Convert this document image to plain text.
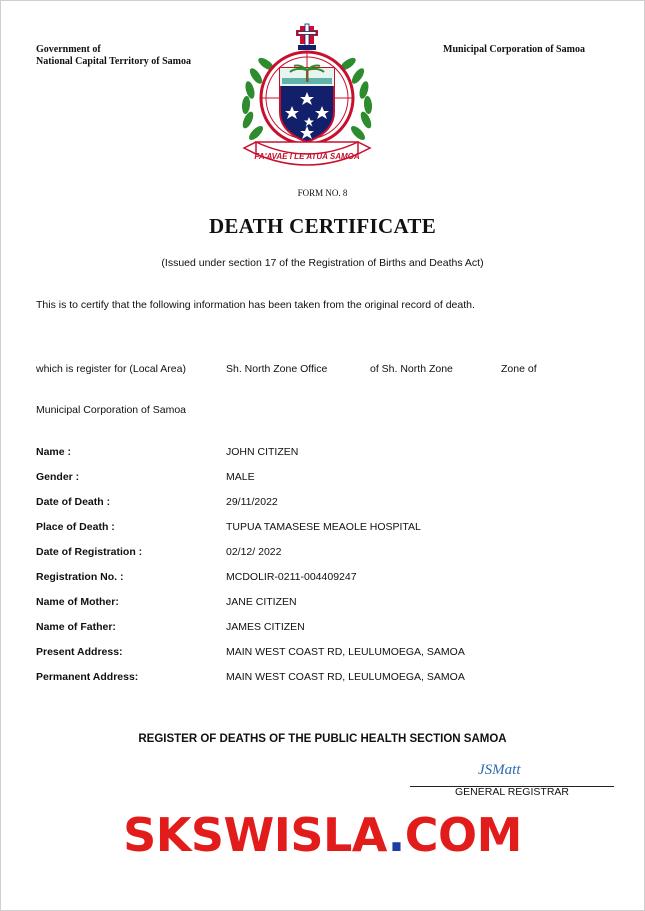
Government of
National Capital Territory of Samoa
Municipal Corporation of Samoa
FA'AVAE I LE ATUA SAMOA
FORM NO. 8
DEATH CERTIFICATE
(Issued under section 17 of the Registration of Births and Deaths Act)
This is to certify that the following information has been taken from the original record of death.
which is register for (Local Area)	Sh. North Zone Office	of Sh. North Zone	Zone of
Municipal Corporation of Samoa
Name :	JOHN CITIZEN
Gender :	MALE
Date of Death :	29/11/2022
Place of Death :	TUPUA TAMASESE MEAOLE HOSPITAL
Date of Registration :	02/12/ 2022
Registration No. :	MCDOLIR-0211-004409247
Name of Mother:	JANE CITIZEN
Name of Father:	JAMES CITIZEN
Present Address:	MAIN WEST COAST RD, LEULUMOEGA, SAMOA
Permanent Address:	MAIN WEST COAST RD, LEULUMOEGA, SAMOA
REGISTER OF DEATHS OF THE PUBLIC HEALTH SECTION SAMOA
JSMatt
GENERAL REGISTRAR
SKSWISLA.COM
